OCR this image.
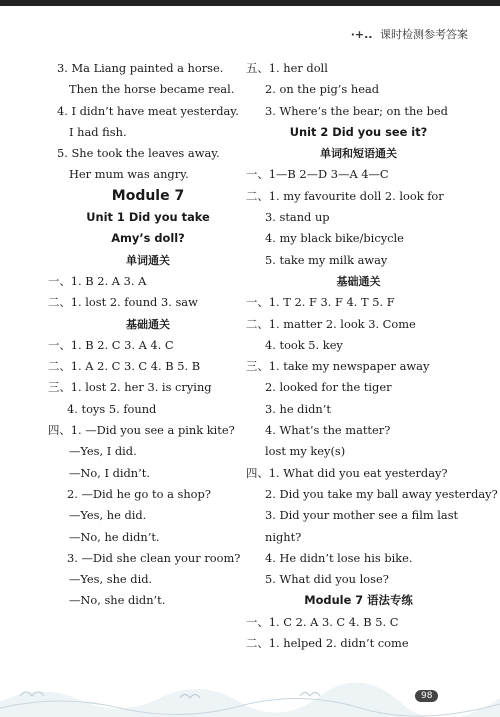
·+.. 课时检测参考答案
3. Ma Liang painted a horse.
Then the horse became real.
4. I didn’t have meat yesterday.
I had fish.
5. She took the leaves away.
Her mum was angry.
Module 7
Unit 1 Did you take
Amy’s doll?
单词通关
一、1. B 2. A 3. A
二、1. lost 2. found 3. saw
基础通关
一、1. B 2. C 3. A 4. C
二、1. A 2. C 3. C 4. B 5. B
三、1. lost 2. her 3. is crying
4. toys 5. found
四、1. —Did you see a pink kite?
—Yes, I did.
—No, I didn’t.
2. —Did he go to a shop?
—Yes, he did.
—No, he didn’t.
3. —Did she clean your room?
—Yes, she did.
—No, she didn’t.
五、1. her doll
2. on the pig’s head
3. Where’s the bear; on the bed
Unit 2 Did you see it?
单词和短语通关
一、1—B 2—D 3—A 4—C
二、1. my favourite doll 2. look for
3. stand up
4. my black bike/bicycle
5. take my milk away
基础通关
一、1. T 2. F 3. F 4. T 5. F
二、1. matter 2. look 3. Come
4. took 5. key
三、1. take my newspaper away
2. looked for the tiger
3. he didn’t
4. What’s the matter?
lost my key(s)
四、1. What did you eat yesterday?
2. Did you take my ball away yesterday?
3. Did your mother see a film last
night?
4. He didn’t lose his bike.
5. What did you lose?
Module 7 语法专练
一、1. C 2. A 3. C 4. B 5. C
二、1. helped 2. didn’t come
98
